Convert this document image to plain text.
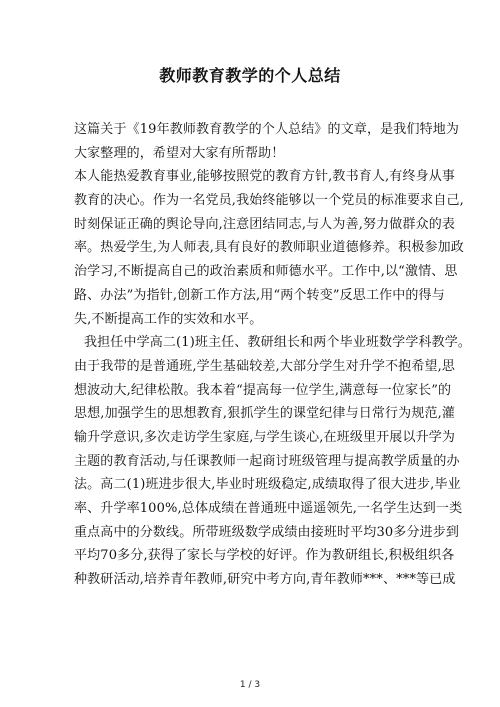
教师教育教学的个人总结
这篇关于《19年教师教育教学的个人总结》的文章，是我们特地为
大家整理的，希望对大家有所帮助！
本人能热爱教育事业,能够按照党的教育方针,教书育人,有终身从事
教育的决心。作为一名党员,我始终能够以一个党员的标准要求自己,
时刻保证正确的舆论导向,注意团结同志,与人为善,努力做群众的表
率。热爱学生,为人师表,具有良好的教师职业道德修养。积极参加政
治学习,不断提高自己的政治素质和师德水平。工作中,以“激情、思
路、办法”为指针,创新工作方法,用“两个转变”反思工作中的得与
失,不断提高工作的实效和水平。
我担任中学高二(1)班主任、教研组长和两个毕业班数学学科教学。
由于我带的是普通班,学生基础较差,大部分学生对升学不抱希望,思
想波动大,纪律松散。我本着“提高每一位学生,满意每一位家长”的
思想,加强学生的思想教育,狠抓学生的课堂纪律与日常行为规范,灌
输升学意识,多次走访学生家庭,与学生谈心,在班级里开展以升学为
主题的教育活动,与任课教师一起商讨班级管理与提高教学质量的办
法。高二(1)班进步很大,毕业时班级稳定,成绩取得了很大进步,毕业
率、升学率100%,总体成绩在普通班中遥遥领先,一名学生达到一类
重点高中的分数线。所带班级数学成绩由接班时平均30多分进步到
平均70多分,获得了家长与学校的好评。作为教研组长,积极组织各
种教研活动,培养青年教师,研究中考方向,青年教师***、***等已成
1 / 3
